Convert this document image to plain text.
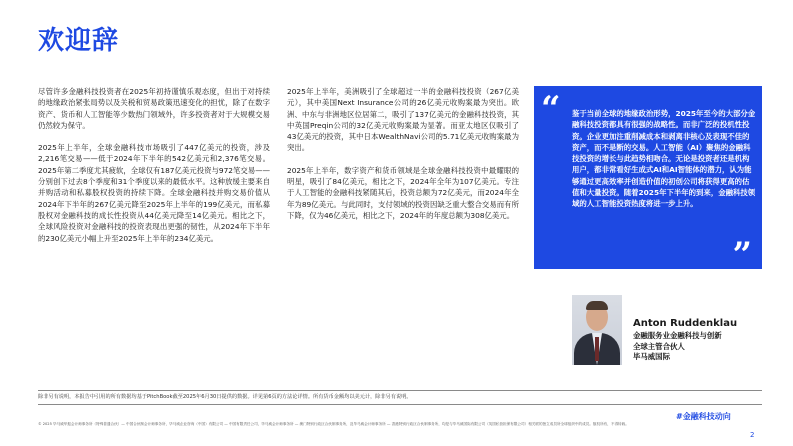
欢迎辞

尽管许多金融科技投资者在2025年初持谨慎乐观态度，但出于对持续的地缘政治紧张局势以及关税和贸易政策迅速变化的担忧，除了在数字资产、货币和人工智能等少数热门领域外，许多投资者对于大规模交易仍然较为保守。

2025年上半年，全球金融科技市场吸引了447亿美元的投资，涉及2,216笔交易——低于2024年下半年的542亿美元和2,376笔交易。2025年第二季度尤其疲软，全球仅有187亿美元投资与972笔交易——分别创下过去8个季度和31个季度以来的最低水平。这种放缓主要来自并购活动和私募股权投资的持续下降。全球金融科技并购交易价值从2024年下半年的267亿美元降至2025年上半年的199亿美元，而私募股权对金融科技的成长性投资从44亿美元降至14亿美元。相比之下，全球风险投资对金融科技的投资表现出更强的韧性，从2024年下半年的230亿美元小幅上升至2025年上半年的234亿美元。

2025年上半年，美洲吸引了全球超过一半的金融科技投资（267亿美元），其中美国Next Insurance公司的26亿美元收购案最为突出。欧洲、中东与非洲地区位居第二，吸引了137亿美元的金融科技投资，其中英国Preqin公司的32亿美元收购案最为显著。而亚太地区仅吸引了43亿美元的投资，其中日本WealthNavi公司的5.71亿美元收购案最为突出。

2025年上半年，数字资产和货币领域是全球金融科技投资中最耀眼的明星，吸引了84亿美元，相比之下，2024年全年为107亿美元。专注于人工智能的金融科技紧随其后，投资总额为72亿美元，而2024年全年为89亿美元。与此同时，支付领域的投资因缺乏重大整合交易而有所下降，仅为46亿美元，相比之下，2024年的年度总额为308亿美元。

“ 鉴于当前全球的地缘政治形势，2025年至今的大部分金融科技投资都具有很强的战略性。而非广泛的投机性投资。企业更加注重削减成本和剥离非核心及表现不佳的资产，而不是断的交易。人工智能（AI）聚焦的金融科技投资的增长与此趋势相吻合。无论是投资者还是机构用户，都非常看好生成式AI和AI智能体的潜力，认为能够通过更高效率并创造价值的初创公司将获得更高的估值和大量投资。随着2025年下半年的到来，金融科技领域的人工智能投资热度将进一步上升。
”
Anton Ruddenklau
金融服务业金融科技与创新
全球主管合伙人
毕马威国际
除非另有说明，本报告中引用的所有数据均基于PitchBook截至2025年6月30日提供的数据。详见第6页的方法论详情。所有货币金额均以美元计，除非另有说明。
© 2025 毕马威华振会计师事务所（特殊普通合伙）— 中国合伙制会计师事务所，毕马威企业咨询（中国）有限公司 — 中国有限责任公司，毕马威会计师事务所 — 澳门特别行政区合伙制事务所，及毕马威会计师事务所 — 香港特别行政区合伙制事务所，均是与毕马威国际有限公司（英国私营担保有限公司）相关联的独立成员所全球组织中的成员。版权所有，不得转载。
#金融科技动向
2
